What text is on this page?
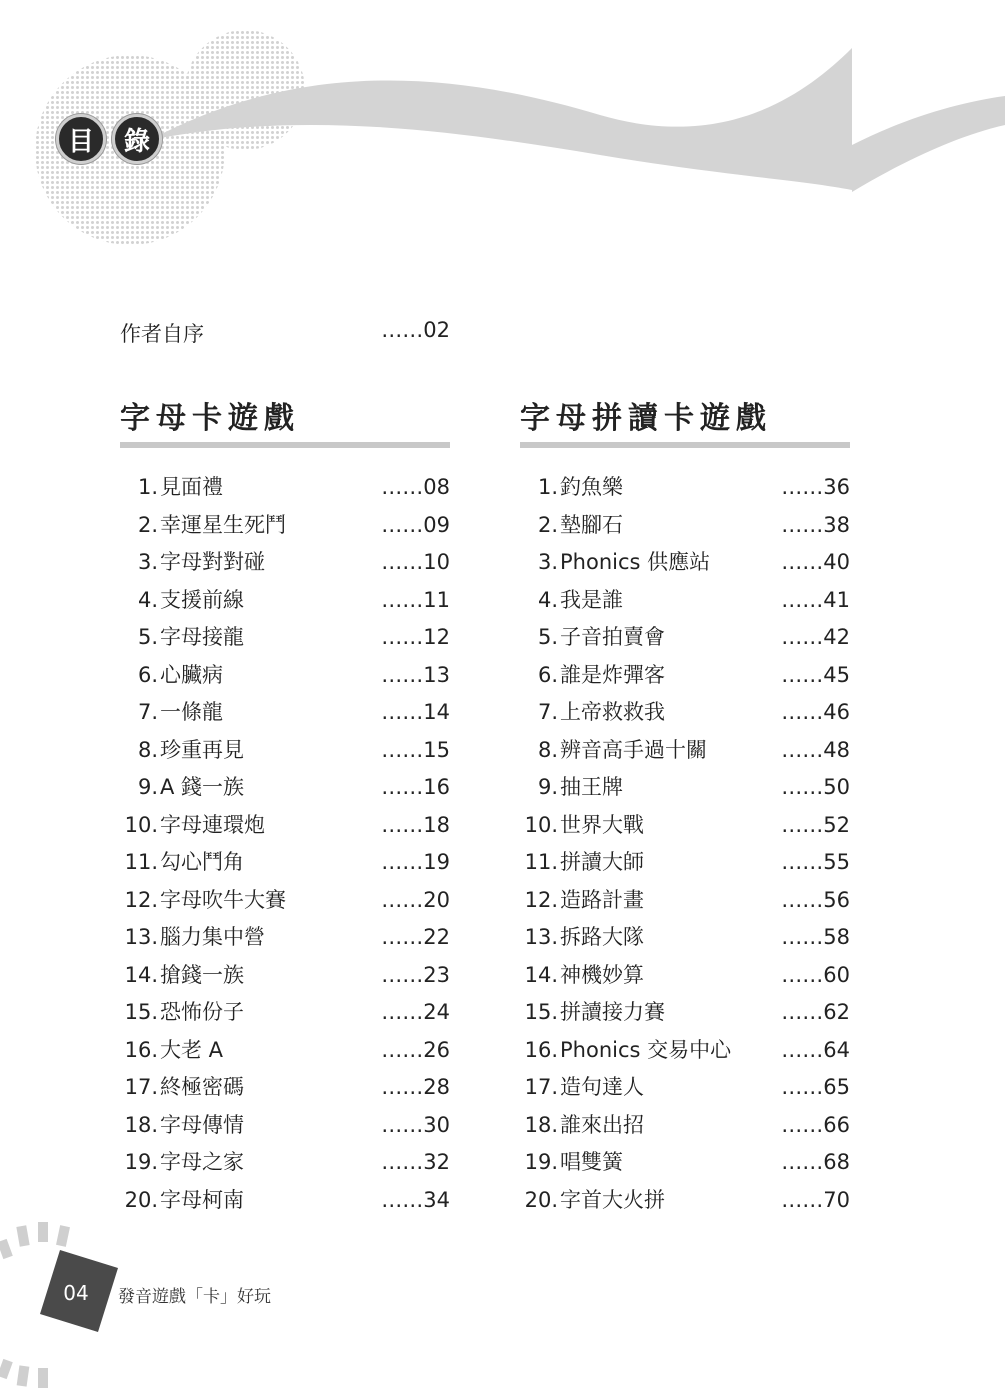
目	錄
作者自序	……02
字母卡遊戲
1. 見面禮	……08
2. 幸運星生死鬥	……09
3. 字母對對碰	……10
4. 支援前線	……11
5. 字母接龍	……12
6. 心臟病	……13
7. 一條龍	……14
8. 珍重再見	……15
9. A 錢一族	……16
10. 字母連環炮	……18
11. 勾心鬥角	……19
12. 字母吹牛大賽	……20
13. 腦力集中營	……22
14. 搶錢一族	……23
15. 恐怖份子	……24
16. 大老 A	……26
17. 終極密碼	……28
18. 字母傳情	……30
19. 字母之家	……32
20. 字母柯南	……34
字母拼讀卡遊戲
1. 釣魚樂	……36
2. 墊腳石	……38
3. Phonics 供應站	……40
4. 我是誰	……41
5. 子音拍賣會	……42
6. 誰是炸彈客	……45
7. 上帝救救我	……46
8. 辨音高手過十關	……48
9. 抽王牌	……50
10. 世界大戰	……52
11. 拼讀大師	……55
12. 造路計畫	……56
13. 拆路大隊	……58
14. 神機妙算	……60
15. 拼讀接力賽	……62
16. Phonics 交易中心 ……64
17. 造句達人	……65
18. 誰來出招	……66
19. 唱雙簧	……68
20. 字首大火拼	……70
04	發音遊戲「卡」好玩
